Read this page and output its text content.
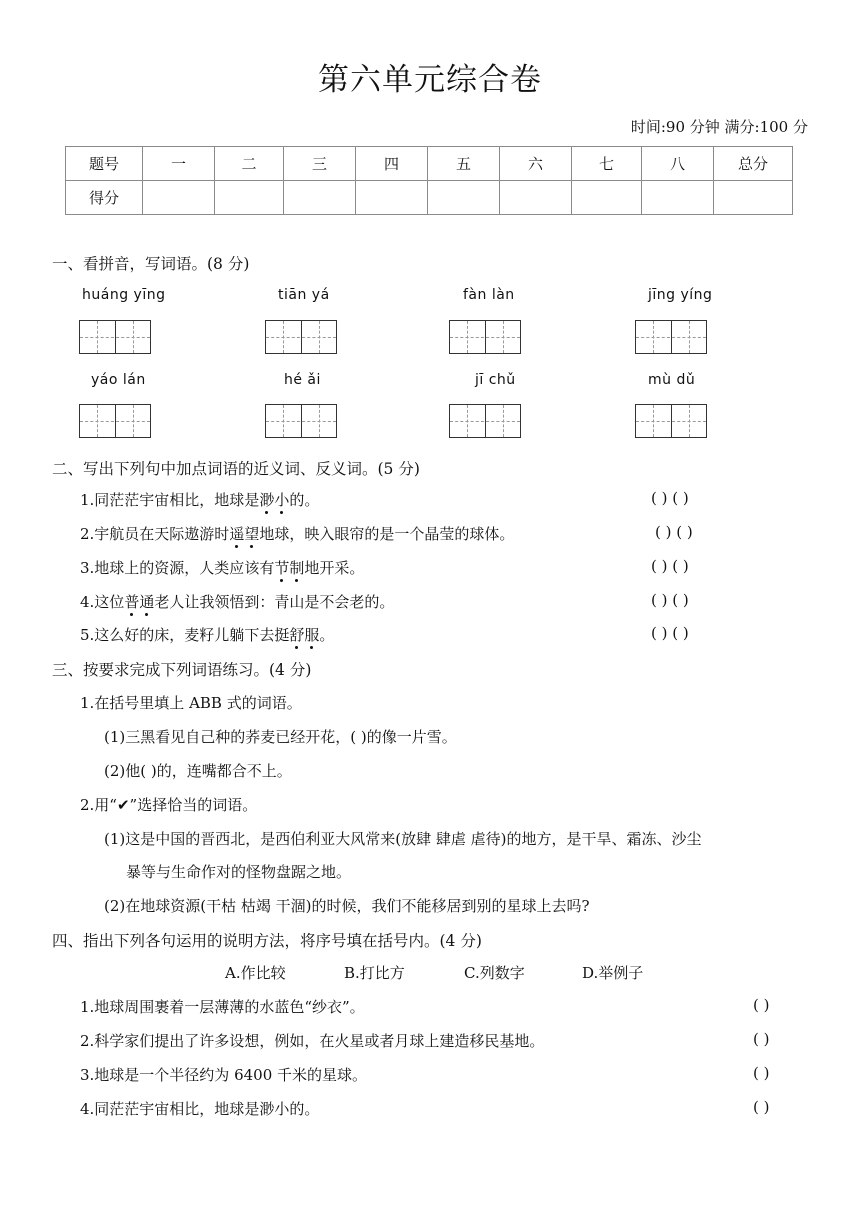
第六单元综合卷
时间:90 分钟 满分:100 分
题号	一	二	三	四	五	六	七	八	总分
得分									
一、看拼音，写词语。(8 分)
huáng yīng	tiān yá	fàn làn	jīng yíng
yáo lán	hé ǎi	jī chǔ	mù dǔ
二、写出下列句中加点词语的近义词、反义词。(5 分)
1.同茫茫宇宙相比，地球是渺小的。	( ) ( )
2.宇航员在天际遨游时遥望地球，映入眼帘的是一个晶莹的球体。	( ) ( )
3.地球上的资源，人类应该有节制地开采。	( ) ( )
4.这位普通老人让我领悟到：青山是不会老的。	( ) ( )
5.这么好的床，麦籽儿躺下去挺舒服。	( ) ( )
三、按要求完成下列词语练习。(4 分)
1.在括号里填上 ABB 式的词语。
(1)三黑看见自己种的荞麦已经开花，( )的像一片雪。
(2)他( )的，连嘴都合不上。
2.用“✔”选择恰当的词语。
(1)这是中国的晋西北，是西伯利亚大风常来(放肆 肆虐 虐待)的地方，是干旱、霜冻、沙尘
暴等与生命作对的怪物盘踞之地。
(2)在地球资源(干枯 枯竭 干涸)的时候，我们不能移居到别的星球上去吗?
四、指出下列各句运用的说明方法，将序号填在括号内。(4 分)
A.作比较	B.打比方	C.列数字	D.举例子
1.地球周围裹着一层薄薄的水蓝色“纱衣”。	( )
2.科学家们提出了许多设想，例如，在火星或者月球上建造移民基地。	( )
3.地球是一个半径约为 6400 千米的星球。	( )
4.同茫茫宇宙相比，地球是渺小的。	( )
